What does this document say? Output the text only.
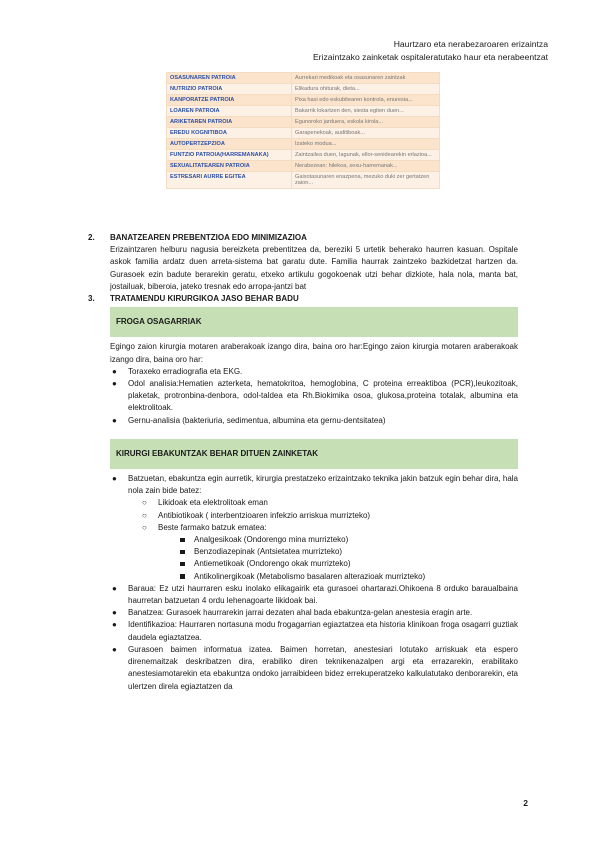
Haurtzaro eta nerabezaroaren erizaintza
Erizaintzako zainketak ospitaleratutako haur eta nerabeentzat
OSASUNAREN PATROIA	Aurrekari medikoak eta osasunaren zaintzak
NUTRIZIO PATROIA	Elikadura ohiturak, dieta...
KANPORATZE PATROIA	Pixa hasi edo eskubitearen kontrola, enuresia...
LOAREN PATROIA	Bakarrik lokartzen den, siesta egiten duen...
ARIKETAREN PATROIA	Egunoroko jarduera, eskola kirola...
EREDU KOGNITIBOA	Garapenekoak, auditiboak...
AUTOPERTZEPZIOA	Izateko modua...
FUNTZIO PATROIA(HARREMANAKA)	Zaintzailea duen, lagunak, ellor-senidearekin erlazioa...
SEXUALITATEAREN PATROIA	Nerabezean: hilekoa, sexu-harremanak...
ESTRESARI AURRE EGITEA	Gaixotasunaren enazpena, mezuko duki zer gertatzen zaion...
2. BANATZEAREN PREBENTZIOA EDO MINIMIZAZIOA
Erizaintzaren helburu nagusia bereizketa prebentitzea da, bereziki 5 urtetik beherako haurren kasuan. Ospitale askok familia ardatz duen arreta-sistema bat garatu dute. Familia haurrak zaintzeko bazkidetzat hartzen da. Gurasoek ezin badute berarekin geratu, etxeko artikulu gogokoenak utzi behar dizkiote, hala nola, manta bat, jostailuak, biberoia, jateko tresnak edo arropa-jantzi bat
3. TRATAMENDU KIRURGIKOA JASO BEHAR BADU
FROGA OSAGARRIAK
Egingo zaion kirurgia motaren araberakoak izango dira, baina oro har:Egingo zaion kirurgia motaren araberakoak izango dira, baina oro har:
● Toraxeko erradiografia eta EKG.
● Odol analisia:Hematien azterketa, hematokritoa, hemoglobina, C proteina erreaktiboa (PCR),leukozitoak, plaketak, protronbina-denbora, odol-taldea eta Rh.Biokimika osoa, glukosa,proteina totalak, albumina eta elektrolitoak.
● Gernu-analisia (bakteriuria, sedimentua, albumina eta gernu-dentsitatea)
KIRURGI EBAKUNTZAK BEHAR DITUEN ZAINKETAK
● Batzuetan, ebakuntza egin aurretik, kirurgia prestatzeko erizaintzako teknika jakin batzuk egin behar dira, hala nola zain bide batez:
○ Likidoak eta elektrolitoak eman
○ Antibiotikoak ( interbentzioaren infekzio arriskua murrizteko)
○ Beste farmako batzuk ematea:
Analgesikoak (Ondorengo mina murrizteko)
Benzodiazepinak (Antsietatea murrizteko)
Antiemetikoak (Ondorengo okak murrizteko)
Antikolinergikoak (Metabolismo basalaren alterazioak murrizteko)
● Baraua: Ez utzi haurraren esku inolako elikagairik eta gurasoei ohartarazi.Ohikoena 8 orduko baraualbaina haurretan batzuetan 4 ordu lehenagoarte likidoak bai.
● Banatzea: Gurasoek haurrarekin jarrai dezaten ahal bada ebakuntza-gelan anestesia eragin arte.
● Identifikazioa: Haurraren nortasuna modu frogagarrian egiaztatzea eta historia klinikoan froga osagarri guztiak daudela egiaztatzea.
● Gurasoen baimen informatua izatea. Baimen horretan, anestesiari lotutako arriskuak eta espero direnemaitzak deskribatzen dira, erabiliko diren teknikenazalpen argi eta errazarekin, erabilitako anestesiamotarekin eta ebakuntza ondoko jarraibideen bidez errekuperatzeko kalkulatutako denborarekin, eta ulertzen direla egiaztatzen da
2
